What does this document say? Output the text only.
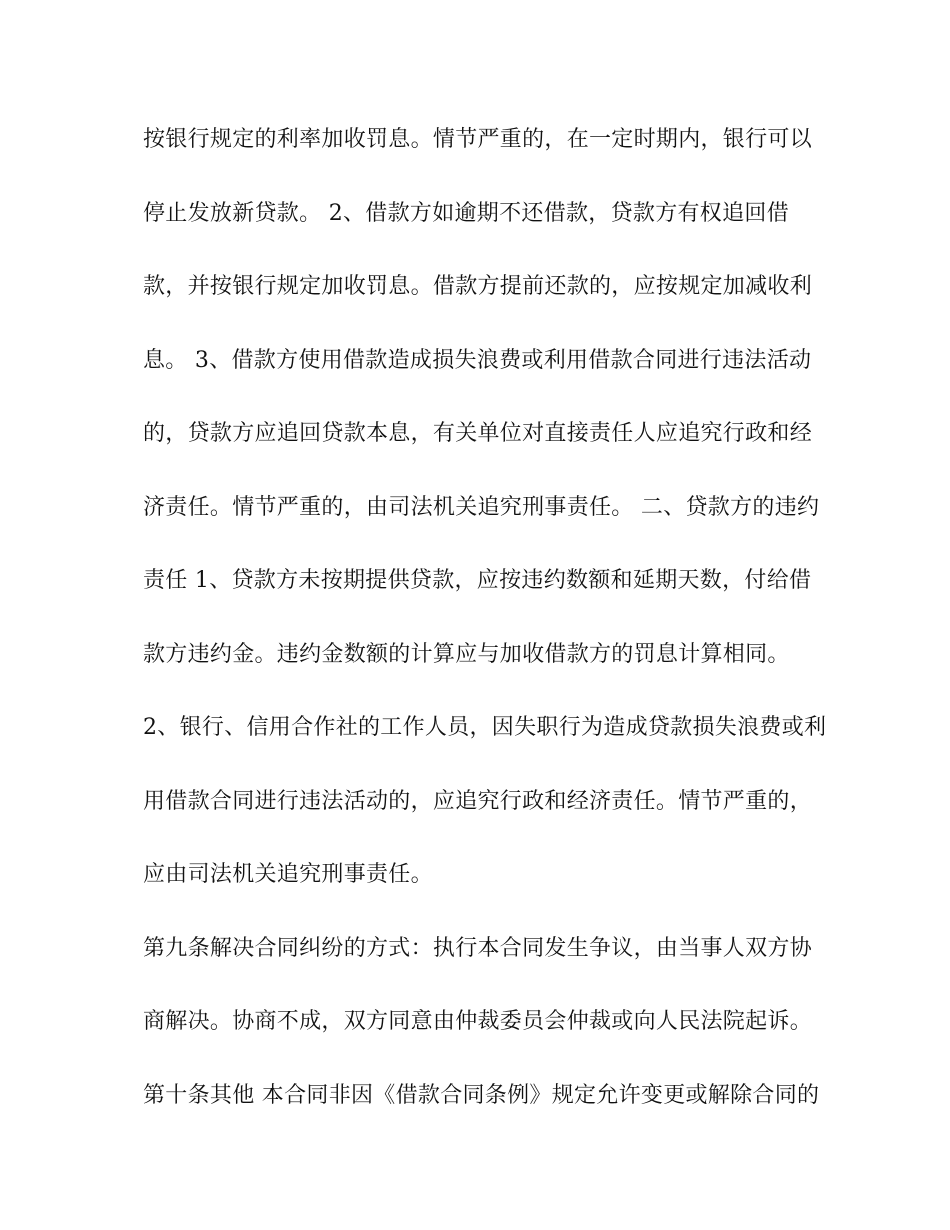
按银行规定的利率加收罚息。情节严重的，在一定时期内，银行可以
停止发放新贷款。 2、借款方如逾期不还借款，贷款方有权追回借
款，并按银行规定加收罚息。借款方提前还款的，应按规定加减收利
息。 3、借款方使用借款造成损失浪费或利用借款合同进行违法活动
的，贷款方应追回贷款本息，有关单位对直接责任人应追究行政和经
济责任。情节严重的，由司法机关追究刑事责任。 二、贷款方的违约
责任 1、贷款方未按期提供贷款，应按违约数额和延期天数，付给借
款方违约金。违约金数额的计算应与加收借款方的罚息计算相同。
2、银行、信用合作社的工作人员，因失职行为造成贷款损失浪费或利
用借款合同进行违法活动的，应追究行政和经济责任。情节严重的，
应由司法机关追究刑事责任。
第九条解决合同纠纷的方式：执行本合同发生争议，由当事人双方协
商解决。协商不成，双方同意由仲裁委员会仲裁或向人民法院起诉。
第十条其他 本合同非因《借款合同条例》规定允许变更或解除合同的
